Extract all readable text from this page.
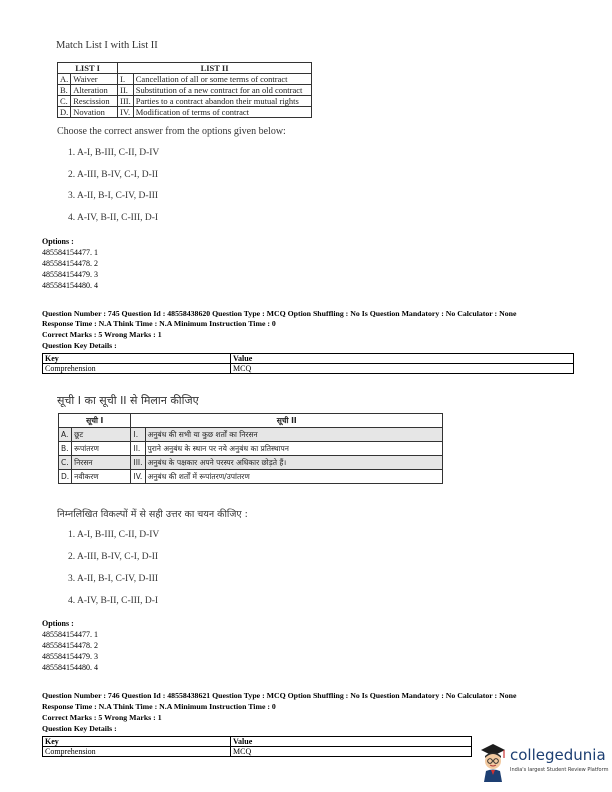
Match List I with List II
LIST I		LIST II	
A.	Waiver	I.	Cancellation of all or some terms of contract
B.	Alteration	II.	Substitution of a new contract for an old contract
C.	Rescission	III.	Parties to a contract abandon their mutual rights
D.	Novation	IV.	Modification of terms of contract
Choose the correct answer from the options given below:
1. A-I, B-III, C-II, D-IV
2. A-III, B-IV, C-I, D-II
3. A-II, B-I, C-IV, D-III
4. A-IV, B-II, C-III, D-I
Options :
485584154477. 1
485584154478. 2
485584154479. 3
485584154480. 4
Question Number : 745 Question Id : 48558438620 Question Type : MCQ Option Shuffling : No Is Question Mandatory : No Calculator : None
Response Time : N.A Think Time : N.A Minimum Instruction Time : 0
Correct Marks : 5 Wrong Marks : 1
Question Key Details :
Key	Value
Comprehension	MCQ
सूची I का सूची II से मिलान कीजिए
सूची I		सूची II	
A.	छूट	I.	अनुबंध की सभी या कुछ शर्तों का निरसन
B.	रूपांतरण	II.	पुराने अनुबंध के स्थान पर नये अनुबंध का प्रतिस्थापन
C.	निरसन	III.	अनुबंध के पक्षकार अपने परस्पर अधिकार छोड़ते हैं।
D.	नवीकरण	IV.	अनुबंध की शर्तों में रूपांतरण/उपांतरण
निम्नलिखित विकल्पों में से सही उत्तर का चयन कीजिए :
1. A-I, B-III, C-II, D-IV
2. A-III, B-IV, C-I, D-II
3. A-II, B-I, C-IV, D-III
4. A-IV, B-II, C-III, D-I
Options :
485584154477. 1
485584154478. 2
485584154479. 3
485584154480. 4
Question Number : 746 Question Id : 48558438621 Question Type : MCQ Option Shuffling : No Is Question Mandatory : No Calculator : None
Response Time : N.A Think Time : N.A Minimum Instruction Time : 0
Correct Marks : 5 Wrong Marks : 1
Question Key Details :
Key	Value
Comprehension	MCQ	collegedunia
India's largest Student Review Platform
